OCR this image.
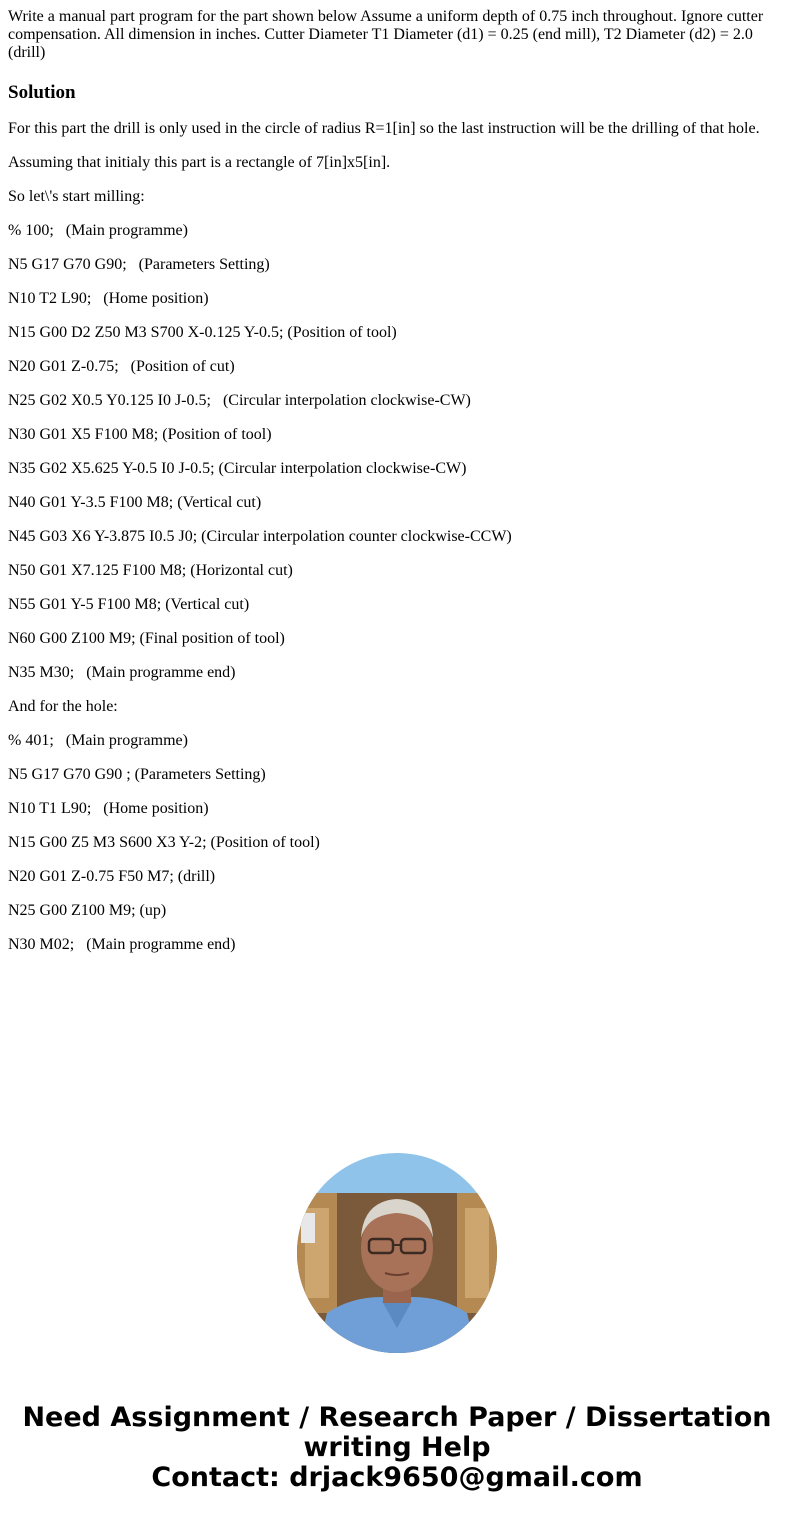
Write a manual part program for the part shown below Assume a uniform depth of 0.75 inch throughout. Ignore cutter compensation. All dimension in inches. Cutter Diameter T1 Diameter (d1) = 0.25 (end mill), T2 Diameter (d2) = 2.0 (drill)

Solution

For this part the drill is only used in the circle of radius R=1[in] so the last instruction will be the drilling of that hole.

Assuming that initialy this part is a rectangle of 7[in]x5[in].

So let\'s start milling:

% 100;   (Main programme)

N5 G17 G70 G90;   (Parameters Setting)

N10 T2 L90;   (Home position)

N15 G00 D2 Z50 M3 S700 X-0.125 Y-0.5; (Position of tool)

N20 G01 Z-0.75;   (Position of cut)

N25 G02 X0.5 Y0.125 I0 J-0.5;   (Circular interpolation clockwise-CW)

N30 G01 X5 F100 M8; (Position of tool)

N35 G02 X5.625 Y-0.5 I0 J-0.5; (Circular interpolation clockwise-CW)

N40 G01 Y-3.5 F100 M8; (Vertical cut)

N45 G03 X6 Y-3.875 I0.5 J0; (Circular interpolation counter clockwise-CCW)

N50 G01 X7.125 F100 M8; (Horizontal cut)

N55 G01 Y-5 F100 M8; (Vertical cut)

N60 G00 Z100 M9; (Final position of tool)

N35 M30;   (Main programme end)

And for the hole:

% 401;   (Main programme)

N5 G17 G70 G90 ; (Parameters Setting)

N10 T1 L90;   (Home position)

N15 G00 Z5 M3 S600 X3 Y-2; (Position of tool)

N20 G01 Z-0.75 F50 M7; (drill)

N25 G00 Z100 M9; (up)

N30 M02;   (Main programme end)

Need Assignment / Research Paper / Dissertation
writing Help
Contact: drjack9650@gmail.com
